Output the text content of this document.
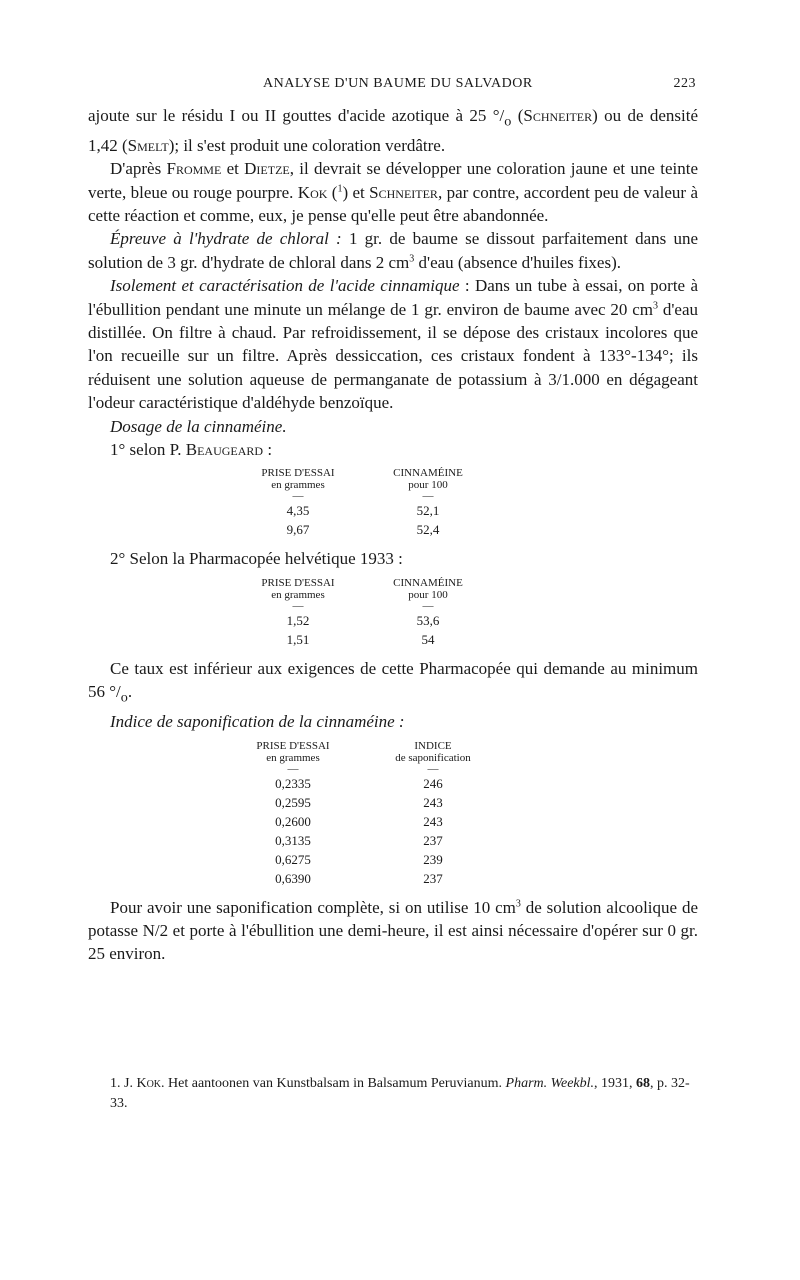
ANALYSE D'UN BAUME DU SALVADOR	223

ajoute sur le résidu I ou II gouttes d'acide azotique à 25 $^\circ/_o$ (Schneiter) ou de densité 1,42 (Smelt); il s'est produit une coloration verdâtre.

D'après Fromme et Dietze, il devrait se développer une coloration jaune et une teinte verte, bleue ou rouge pourpre. Kok ($^1$) et Schneiter, par contre, accordent peu de valeur à cette réaction et comme, eux, je pense qu'elle peut être abandonnée.

Épreuve à l'hydrate de chloral : 1 gr. de baume se dissout parfaitement dans une solution de 3 gr. d'hydrate de chloral dans 2 $cm^3$ d'eau (absence d'huiles fixes).

Isolement et caractérisation de l'acide cinnamique : Dans un tube à essai, on porte à l'ébullition pendant une minute un mélange de 1 gr. environ de baume avec 20 $cm^3$ d'eau distillée. On filtre à chaud. Par refroidissement, il se dépose des cristaux incolores que l'on recueille sur un filtre. Après dessiccation, ces cristaux fondent à 133°-134°; ils réduisent une solution aqueuse de permanganate de potassium à 3/1.000 en dégageant l'odeur caractéristique d'aldéhyde benzoïque.

Dosage de la cinnaméine.

1° selon P. Beaugeard :

PRISE D'ESSAI	CINNAMÉINE
en grammes	pour 100
—	—
4,35	52,1
9,67	52,4

2° Selon la Pharmacopée helvétique 1933 :

PRISE D'ESSAI	CINNAMÉINE
en grammes	pour 100
—	—
1,52	53,6
1,51	54

Ce taux est inférieur aux exigences de cette Pharmacopée qui demande au minimum 56 $^\circ/_o$.

Indice de saponification de la cinnaméine :

PRISE D'ESSAI	INDICE
en grammes	de saponification
—	—
0,2335	246
0,2595	243
0,2600	243
0,3135	237
0,6275	239
0,6390	237

Pour avoir une saponification complète, si on utilise 10 $cm^3$ de solution alcoolique de potasse N/2 et porte à l'ébullition une demi-heure, il est ainsi nécessaire d'opérer sur 0 gr. 25 environ.

1. J. Kok. Het aantoonen van Kunstbalsam in Balsamum Peruvianum. Pharm. Weekbl., 1931, 68, p. 32-33.
